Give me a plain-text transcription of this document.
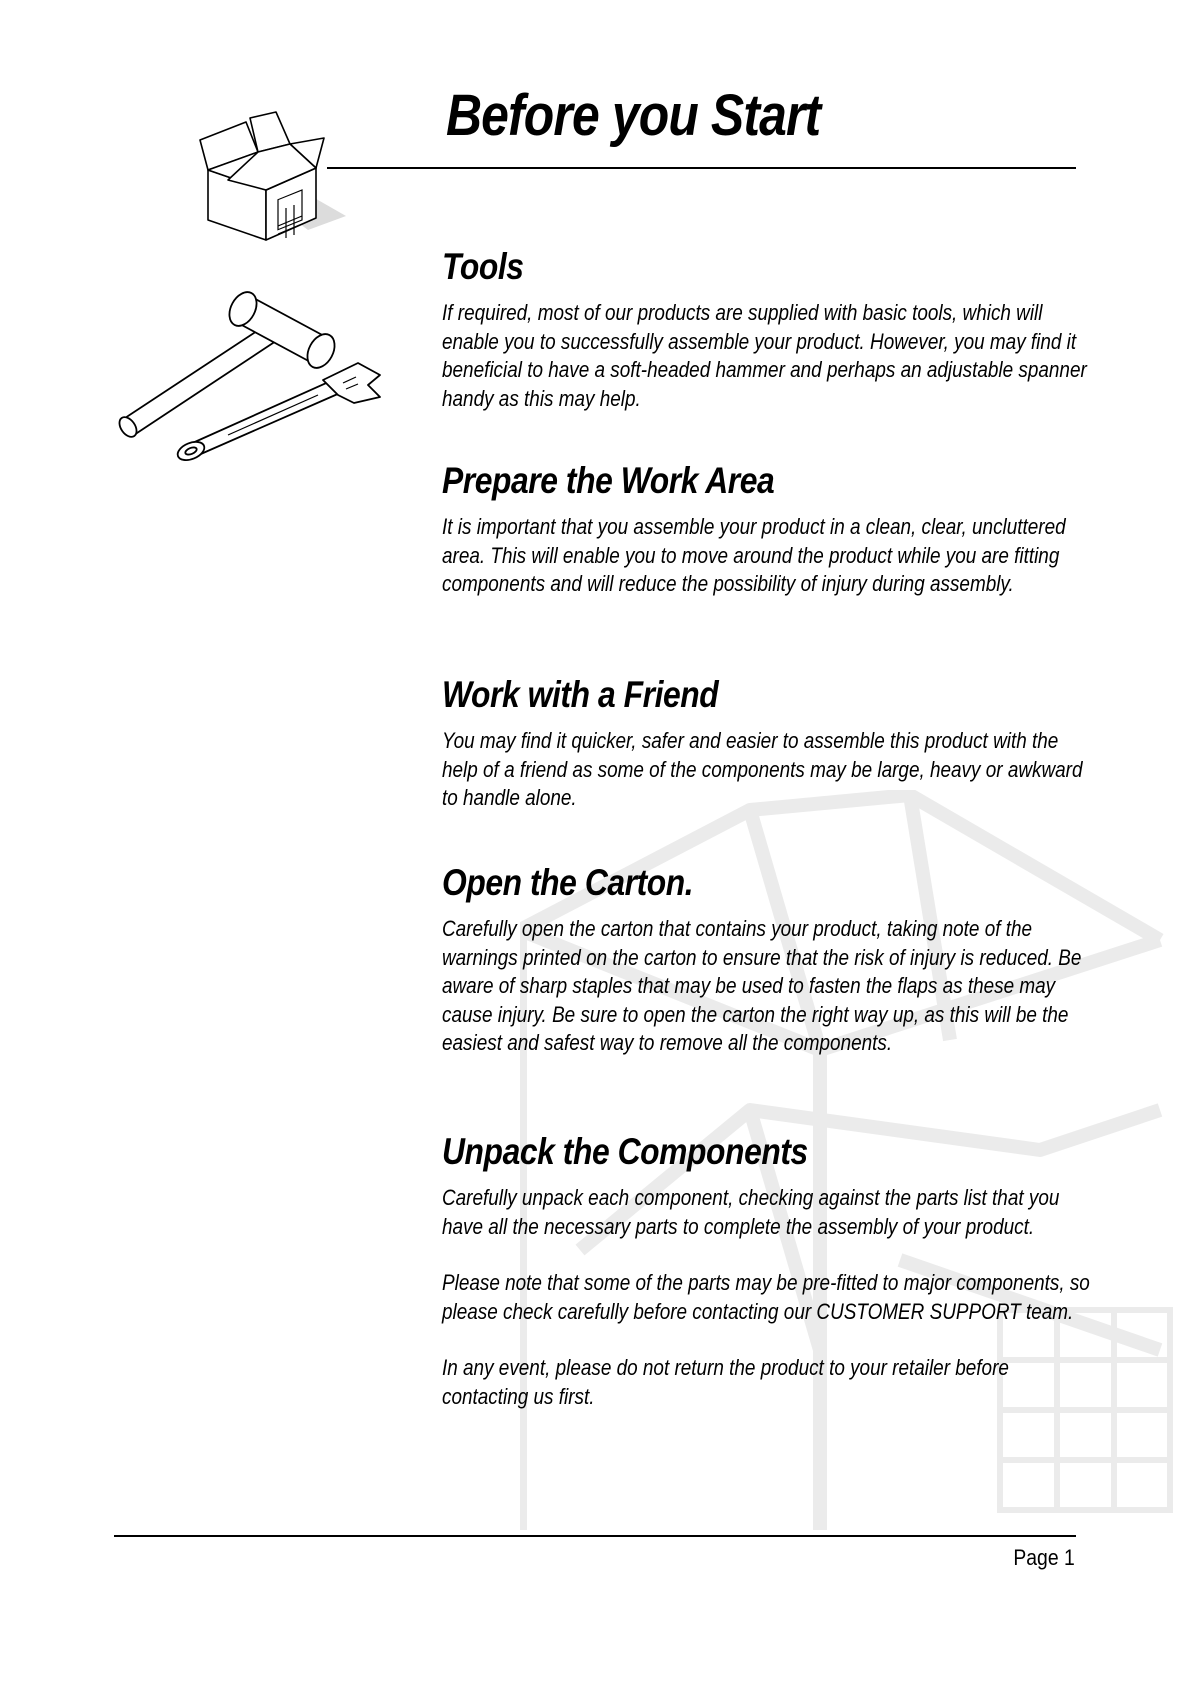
Before you Start
Tools

If required, most of our products are supplied with basic tools, which will enable you to successfully assemble your product. However, you may find it beneficial to have a soft-headed hammer and perhaps an adjustable spanner handy as this may help.

Prepare the Work Area

It is important that you assemble your product in a clean, clear, uncluttered area. This will enable you to move around the product while you are fitting components and will reduce the possibility of injury during assembly.

Work with a Friend

You may find it quicker, safer and easier to assemble this product with the help of a friend as some of the components may be large, heavy or awkward to handle alone.

Open the Carton.

Carefully open the carton that contains your product, taking note of the warnings printed on the carton to ensure that the risk of injury is reduced. Be aware of sharp staples that may be used to fasten the flaps as these may cause injury. Be sure to open the carton the right way up, as this will be the easiest and safest way to remove all the components.

Unpack the Components

Carefully unpack each component, checking against the parts list that you have all the necessary parts to complete the assembly of your product.

Please note that some of the parts may be pre-fitted to major components, so please check carefully before contacting our CUSTOMER SUPPORT team.

In any event, please do not return the product to your retailer before contacting us first.

Page 1
